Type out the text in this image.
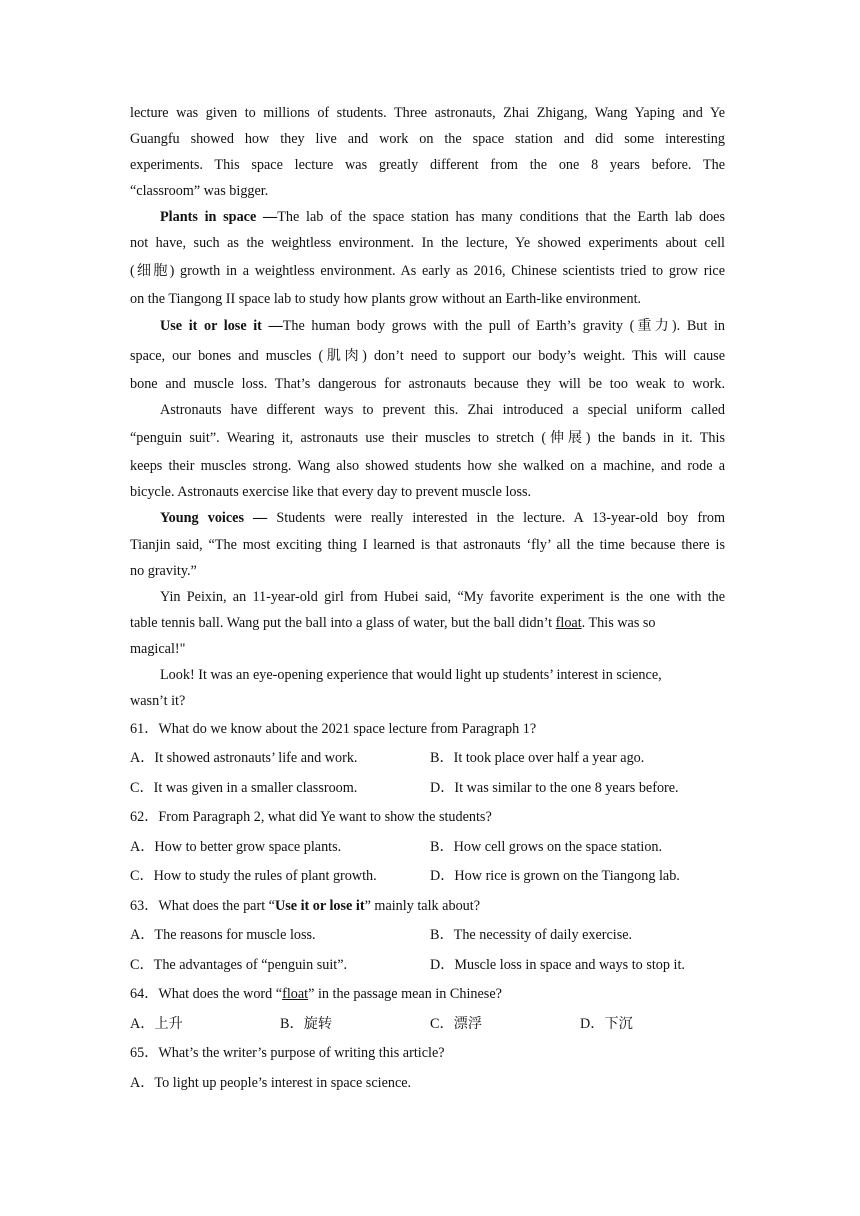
lecture was given to millions of students. Three astronauts, Zhai Zhigang, Wang Yaping and Ye
Guangfu showed how they live and work on the space station and did some interesting
experiments. This space lecture was greatly different from the one 8 years before. The
“classroom” was bigger.
Plants in space —The lab of the space station has many conditions that the Earth lab does
not have, such as the weightless environment. In the lecture, Ye showed experiments about cell
(细胞) growth in a weightless environment. As early as 2016, Chinese scientists tried to grow rice
on the Tiangong II space lab to study how plants grow without an Earth-like environment.
Use it or lose it —The human body grows with the pull of Earth’s gravity (重力). But in
space, our bones and muscles (肌肉) don’t need to support our body’s weight. This will cause
bone and muscle loss. That’s dangerous for astronauts because they will be too weak to work.
Astronauts have different ways to prevent this. Zhai introduced a special uniform called
“penguin suit”. Wearing it, astronauts use their muscles to stretch (伸展) the bands in it. This
keeps their muscles strong. Wang also showed students how she walked on a machine, and rode a
bicycle. Astronauts exercise like that every day to prevent muscle loss.
Young voices — Students were really interested in the lecture. A 13-year-old boy from
Tianjin said, “The most exciting thing I learned is that astronauts ‘fly’ all the time because there is
no gravity.”
Yin Peixin, an 11-year-old girl from Hubei said, “My favorite experiment is the one with the
table tennis ball. Wang put the ball into a glass of water, but the ball didn’t float. This was so
magical!"
Look! It was an eye-opening experience that would light up students’ interest in science,
wasn’t it?
61．What do we know about the 2021 space lecture from Paragraph 1?
A．It showed astronauts’ life and work.	B．It took place over half a year ago.
C．It was given in a smaller classroom.	D．It was similar to the one 8 years before.
62．From Paragraph 2, what did Ye want to show the students?
A．How to better grow space plants.	B．How cell grows on the space station.
C．How to study the rules of plant growth.	D．How rice is grown on the Tiangong lab.
63．What does the part “Use it or lose it” mainly talk about?
A．The reasons for muscle loss.	B．The necessity of daily exercise.
C．The advantages of “penguin suit”.	D．Muscle loss in space and ways to stop it.
64．What does the word “float” in the passage mean in Chinese?
A．上升	B．旋转	C．漂浮	D．下沉
65．What’s the writer’s purpose of writing this article?
A．To light up people’s interest in space science.
